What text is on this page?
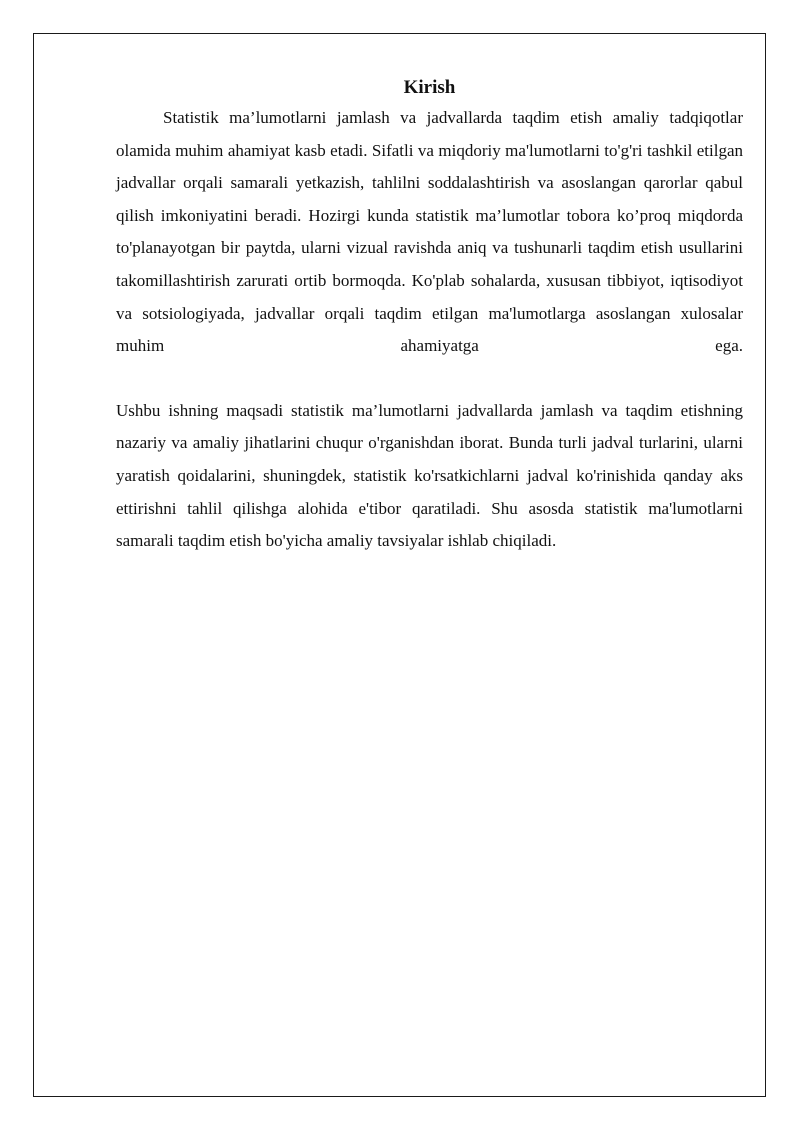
Kirish

Statistik ma’lumotlarni jamlash va jadvallarda taqdim etish amaliy tadqiqotlar olamida muhim ahamiyat kasb etadi. Sifatli va miqdoriy ma'lumotlarni to'g'ri tashkil etilgan jadvallar orqali samarali yetkazish, tahlilni soddalashtirish va asoslangan qarorlar qabul qilish imkoniyatini beradi. Hozirgi kunda statistik ma’lumotlar tobora ko’proq miqdorda to'planayotgan bir paytda, ularni vizual ravishda aniq va tushunarli taqdim etish usullarini takomillashtirish zarurati ortib bormoqda. Ko'plab sohalarda, xususan tibbiyot, iqtisodiyot va sotsiologiyada, jadvallar orqali taqdim etilgan ma'lumotlarga asoslangan xulosalar muhim ahamiyatga ega.

Ushbu ishning maqsadi statistik ma’lumotlarni jadvallarda jamlash va taqdim etishning nazariy va amaliy jihatlarini chuqur o'rganishdan iborat. Bunda turli jadval turlarini, ularni yaratish qoidalarini, shuningdek, statistik ko'rsatkichlarni jadval ko'rinishida qanday aks ettirishni tahlil qilishga alohida e'tibor qaratiladi. Shu asosda statistik ma'lumotlarni samarali taqdim etish bo'yicha amaliy tavsiyalar ishlab chiqiladi.
